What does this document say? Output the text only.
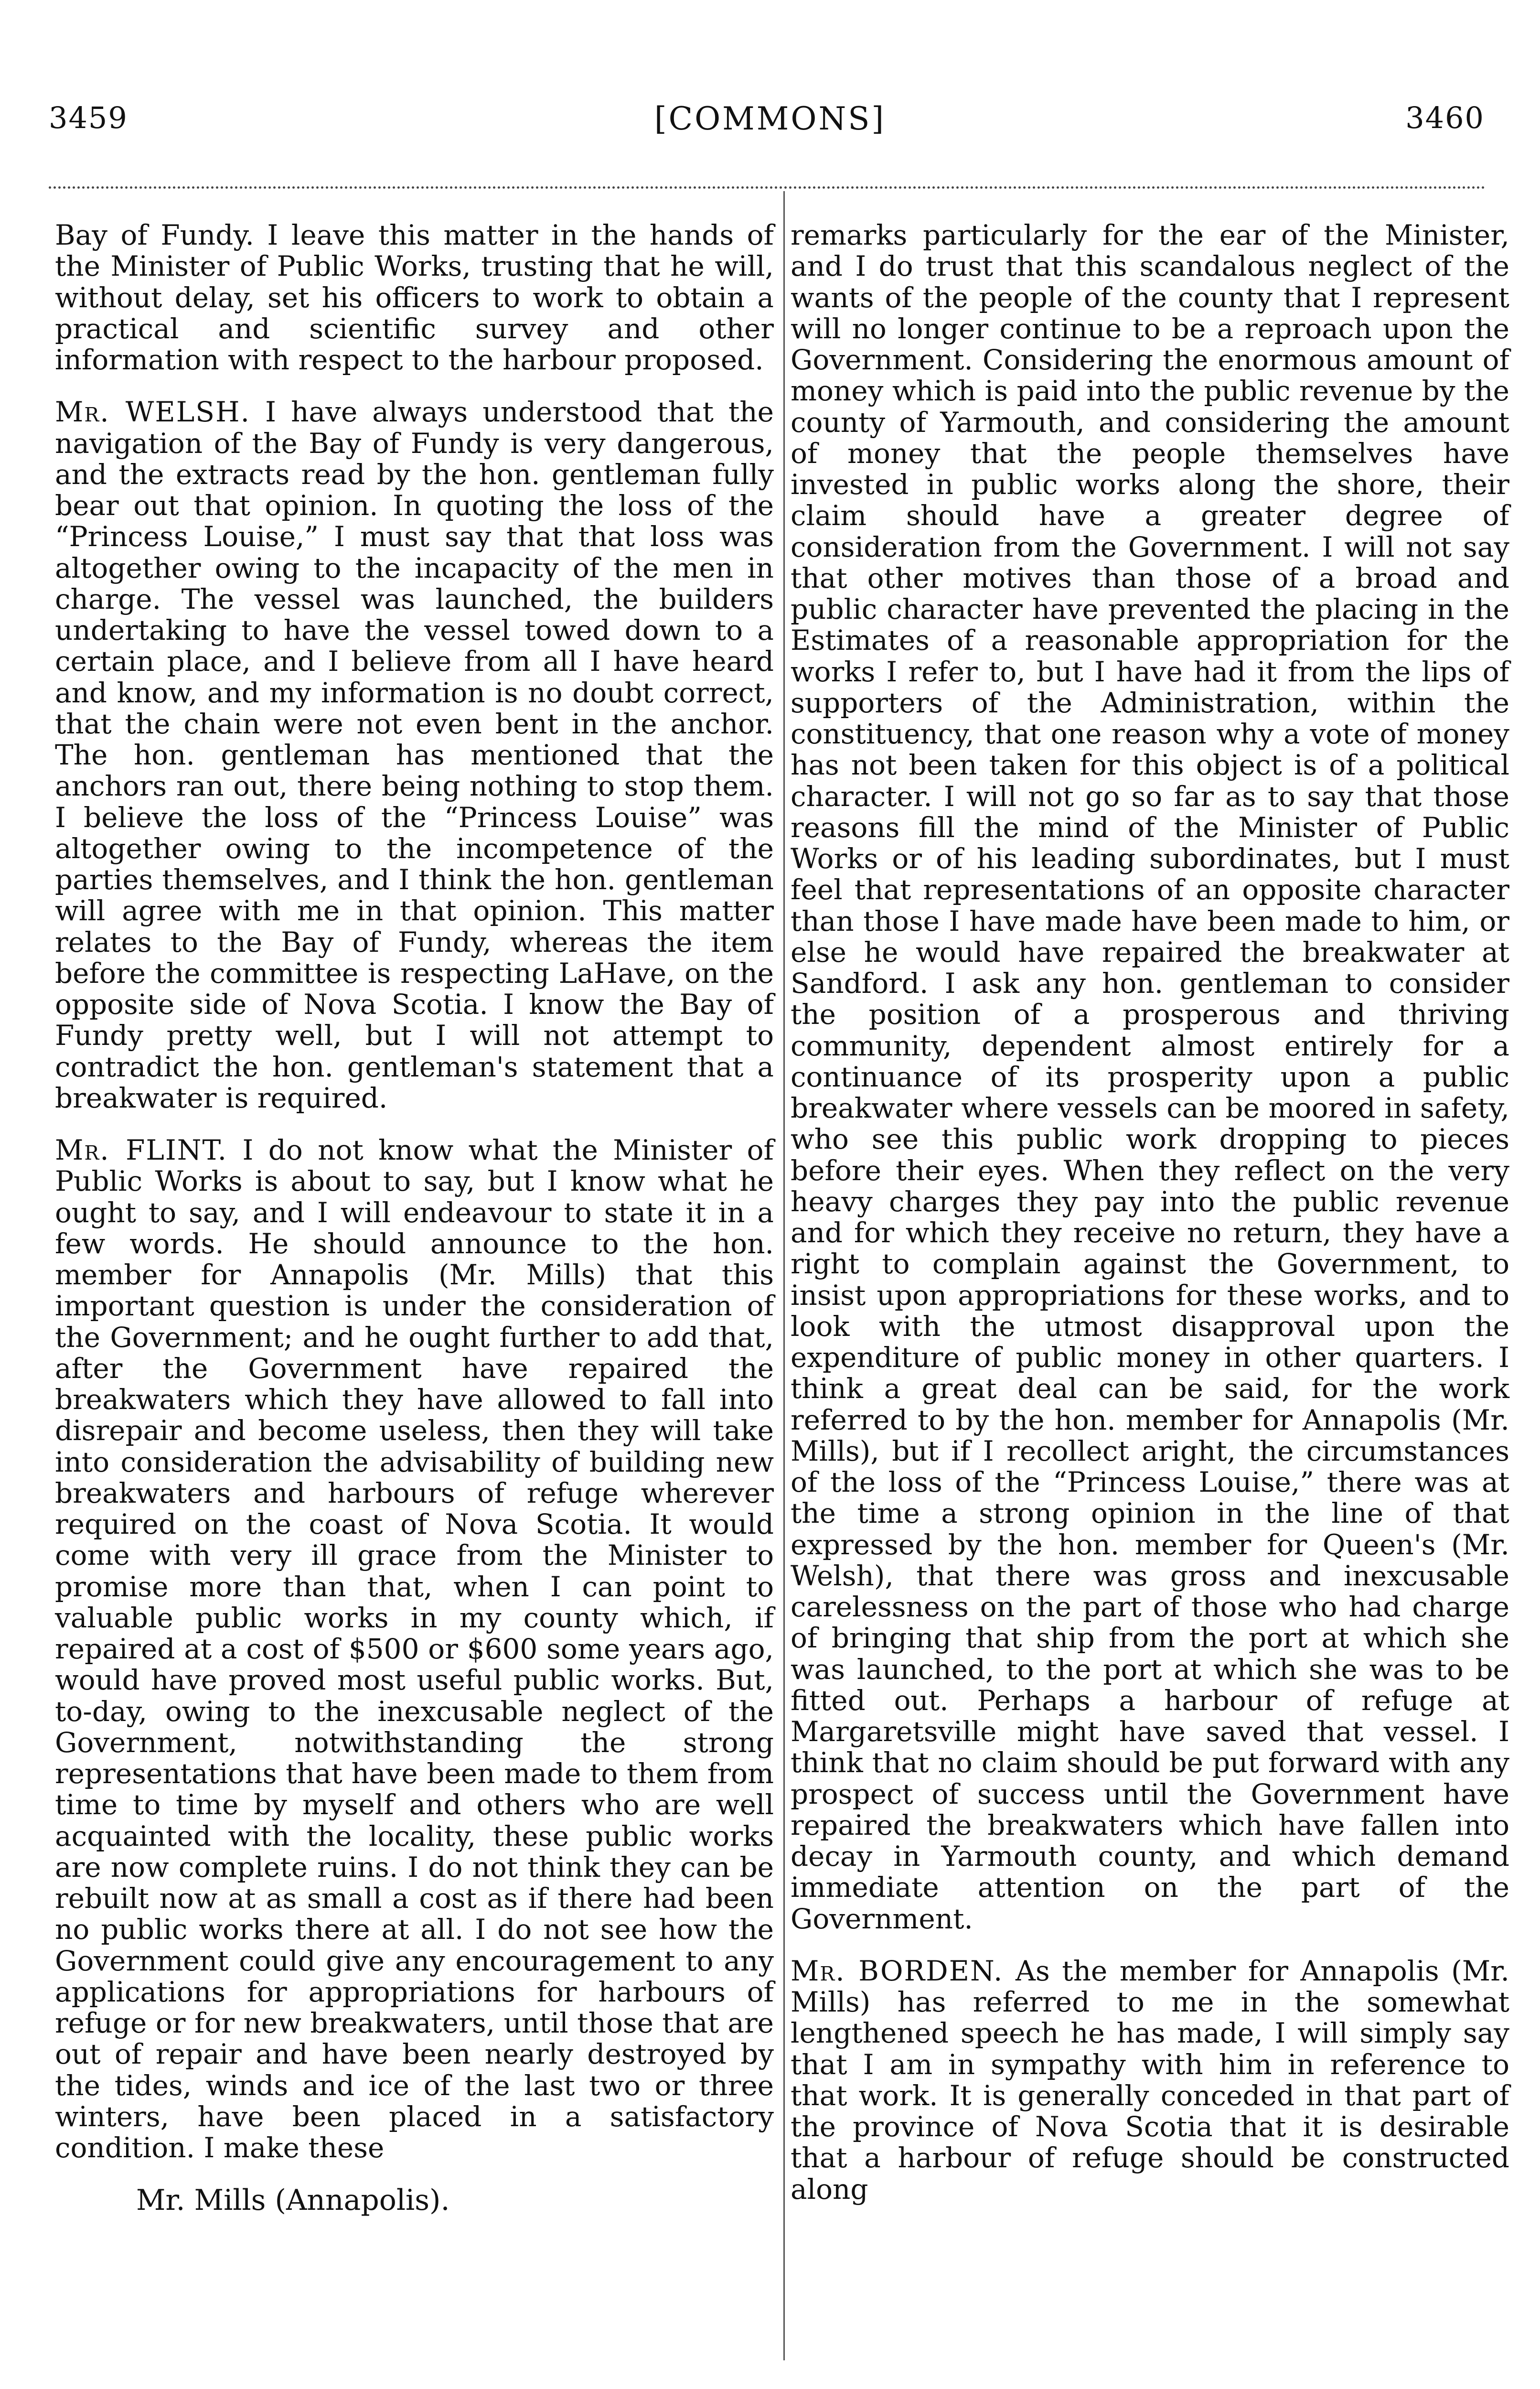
3459	[COMMONS]	3460

Bay of Fundy. I leave this matter in the hands of the Minister of Public Works, trusting that he will, without delay, set his officers to work to obtain a practical and scientific survey and other information with respect to the harbour proposed.

Mr. WELSH. I have always understood that the navigation of the Bay of Fundy is very dangerous, and the extracts read by the hon. gentleman fully bear out that opinion. In quoting the loss of the “Princess Louise,” I must say that that loss was altogether owing to the incapacity of the men in charge. The vessel was launched, the builders undertaking to have the vessel towed down to a certain place, and I believe from all I have heard and know, and my information is no doubt correct, that the chain were not even bent in the anchor. The hon. gentleman has mentioned that the anchors ran out, there being nothing to stop them. I believe the loss of the “Princess Louise” was altogether owing to the incompetence of the parties themselves, and I think the hon. gentleman will agree with me in that opinion. This matter relates to the Bay of Fundy, whereas the item before the committee is respecting LaHave, on the opposite side of Nova Scotia. I know the Bay of Fundy pretty well, but I will not attempt to contradict the hon. gentleman's statement that a breakwater is required.

Mr. FLINT. I do not know what the Minister of Public Works is about to say, but I know what he ought to say, and I will endeavour to state it in a few words. He should announce to the hon. member for Annapolis (Mr. Mills) that this important question is under the consideration of the Government; and he ought further to add that, after the Government have repaired the breakwaters which they have allowed to fall into disrepair and become useless, then they will take into consideration the advisability of building new breakwaters and harbours of refuge wherever required on the coast of Nova Scotia. It would come with very ill grace from the Minister to promise more than that, when I can point to valuable public works in my county which, if repaired at a cost of $500 or $600 some years ago, would have proved most useful public works. But, to-day, owing to the inexcusable neglect of the Government, notwithstanding the strong representations that have been made to them from time to time by myself and others who are well acquainted with the locality, these public works are now complete ruins. I do not think they can be rebuilt now at as small a cost as if there had been no public works there at all. I do not see how the Government could give any encouragement to any applications for appropriations for harbours of refuge or for new breakwaters, until those that are out of repair and have been nearly destroyed by the tides, winds and ice of the last two or three winters, have been placed in a satisfactory condition. I make these

Mr. Mills (Annapolis).

remarks particularly for the ear of the Minister, and I do trust that this scandalous neglect of the wants of the people of the county that I represent will no longer continue to be a reproach upon the Government. Considering the enormous amount of money which is paid into the public revenue by the county of Yarmouth, and considering the amount of money that the people themselves have invested in public works along the shore, their claim should have a greater degree of consideration from the Government. I will not say that other motives than those of a broad and public character have prevented the placing in the Estimates of a reasonable appropriation for the works I refer to, but I have had it from the lips of supporters of the Administration, within the constituency, that one reason why a vote of money has not been taken for this object is of a political character. I will not go so far as to say that those reasons fill the mind of the Minister of Public Works or of his leading subordinates, but I must feel that representations of an opposite character than those I have made have been made to him, or else he would have repaired the breakwater at Sandford. I ask any hon. gentleman to consider the position of a prosperous and thriving community, dependent almost entirely for a continuance of its prosperity upon a public breakwater where vessels can be moored in safety, who see this public work dropping to pieces before their eyes. When they reflect on the very heavy charges they pay into the public revenue and for which they receive no return, they have a right to complain against the Government, to insist upon appropriations for these works, and to look with the utmost disapproval upon the expenditure of public money in other quarters. I think a great deal can be said, for the work referred to by the hon. member for Annapolis (Mr. Mills), but if I recollect aright, the circumstances of the loss of the “Princess Louise,” there was at the time a strong opinion in the line of that expressed by the hon. member for Queen's (Mr. Welsh), that there was gross and inexcusable carelessness on the part of those who had charge of bringing that ship from the port at which she was launched, to the port at which she was to be fitted out. Perhaps a harbour of refuge at Margaretsville might have saved that vessel. I think that no claim should be put forward with any prospect of success until the Government have repaired the breakwaters which have fallen into decay in Yarmouth county, and which demand immediate attention on the part of the Government.

Mr. BORDEN. As the member for Annapolis (Mr. Mills) has referred to me in the somewhat lengthened speech he has made, I will simply say that I am in sympathy with him in reference to that work. It is generally conceded in that part of the province of Nova Scotia that it is desirable that a harbour of refuge should be constructed along
